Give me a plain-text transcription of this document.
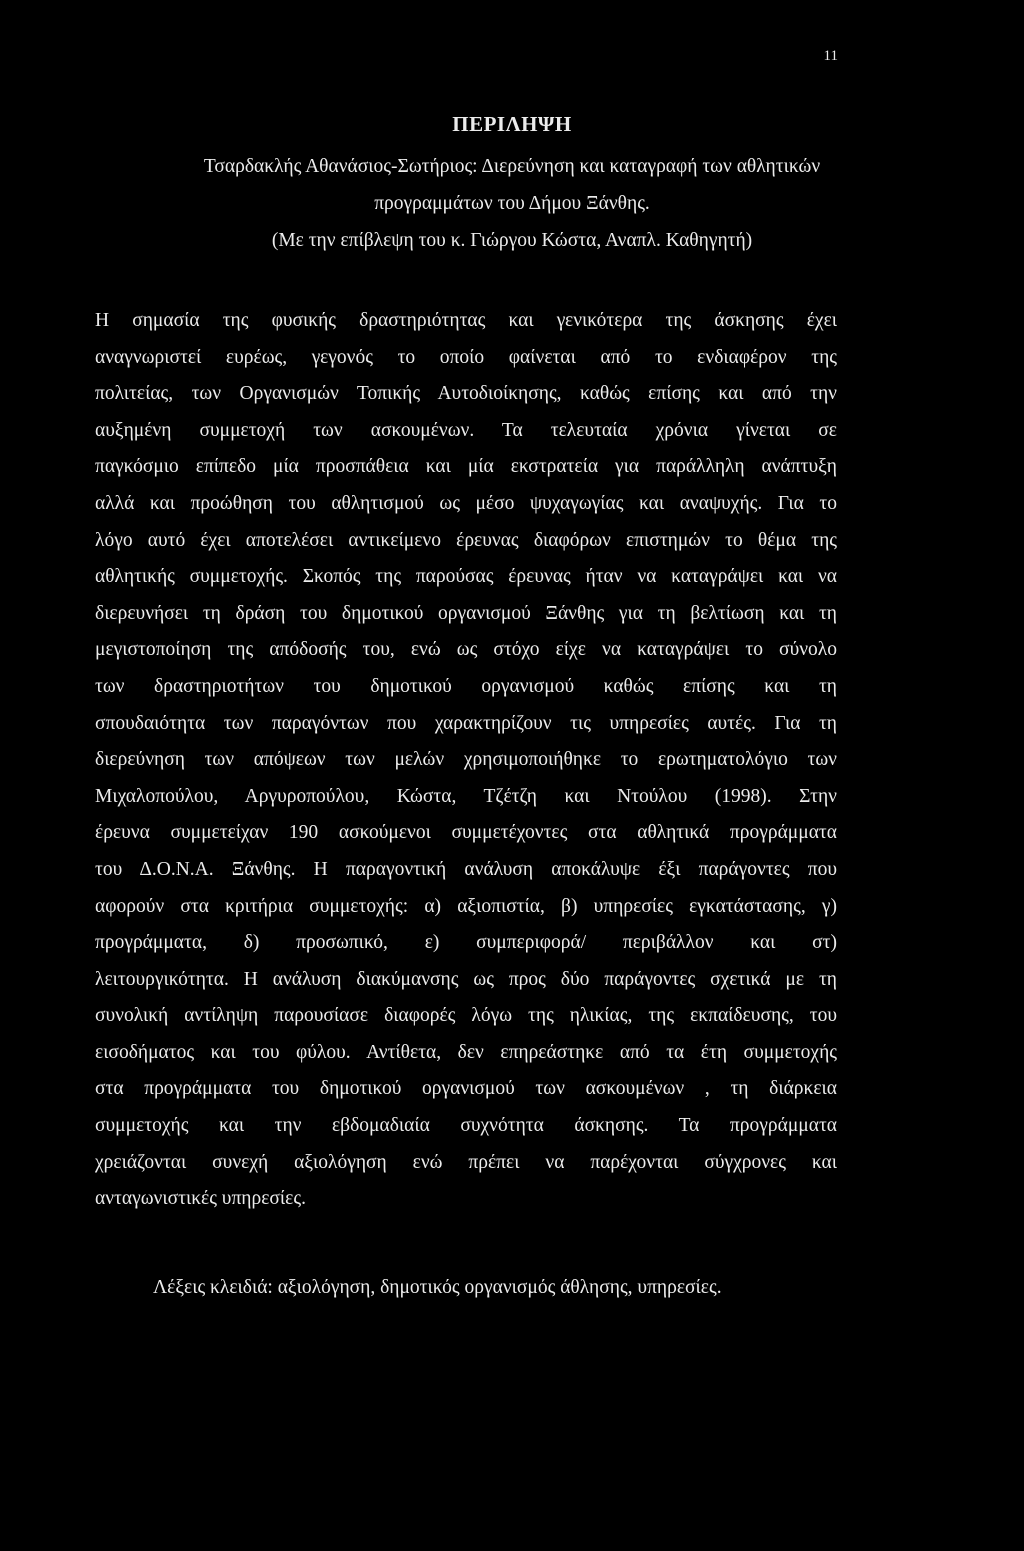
11
ΠΕΡΙΛΗΨΗ
Τσαρδακλής Αθανάσιος-Σωτήριος: Διερεύνηση και καταγραφή των αθλητικών
προγραμμάτων του Δήμου Ξάνθης.
(Με την επίβλεψη του κ. Γιώργου Κώστα, Αναπλ. Καθηγητή)
Η σημασία της φυσικής δραστηριότητας και γενικότερα της άσκησης έχει
αναγνωριστεί ευρέως, γεγονός το οποίο φαίνεται από το ενδιαφέρον της
πολιτείας, των Οργανισμών Τοπικής Αυτοδιοίκησης, καθώς επίσης και από την
αυξημένη συμμετοχή των ασκουμένων. Τα τελευταία χρόνια γίνεται σε
παγκόσμιο επίπεδο μία προσπάθεια και μία εκστρατεία για παράλληλη ανάπτυξη
αλλά και προώθηση του αθλητισμού ως μέσο ψυχαγωγίας και αναψυχής. Για το
λόγο αυτό έχει αποτελέσει αντικείμενο έρευνας διαφόρων επιστημών το θέμα της
αθλητικής συμμετοχής. Σκοπός της παρούσας έρευνας ήταν να καταγράψει και να
διερευνήσει τη δράση του δημοτικού οργανισμού Ξάνθης για τη βελτίωση και τη
μεγιστοποίηση της απόδοσής του, ενώ ως στόχο είχε να καταγράψει το σύνολο
των δραστηριοτήτων του δημοτικού οργανισμού καθώς επίσης και τη
σπουδαιότητα των παραγόντων που χαρακτηρίζουν τις υπηρεσίες αυτές. Για τη
διερεύνηση των απόψεων των μελών χρησιμοποιήθηκε το ερωτηματολόγιο των
Μιχαλοπούλου, Αργυροπούλου, Κώστα, Τζέτζη και Ντούλου (1998). Στην
έρευνα συμμετείχαν 190 ασκούμενοι συμμετέχοντες στα αθλητικά προγράμματα
του Δ.Ο.Ν.Α. Ξάνθης. Η παραγοντική ανάλυση αποκάλυψε έξι παράγοντες που
αφορούν στα κριτήρια συμμετοχής: α) αξιοπιστία, β) υπηρεσίες εγκατάστασης, γ)
προγράμματα, δ) προσωπικό, ε) συμπεριφορά/ περιβάλλον και στ)
λειτουργικότητα. Η ανάλυση διακύμανσης ως προς δύο παράγοντες σχετικά με τη
συνολική αντίληψη παρουσίασε διαφορές λόγω της ηλικίας, της εκπαίδευσης, του
εισοδήματος και του φύλου. Αντίθετα, δεν επηρεάστηκε από τα έτη συμμετοχής
στα προγράμματα του δημοτικού οργανισμού των ασκουμένων , τη διάρκεια
συμμετοχής και την εβδομαδιαία συχνότητα άσκησης. Τα προγράμματα
χρειάζονται συνεχή αξιολόγηση ενώ πρέπει να παρέχονται σύγχρονες και
ανταγωνιστικές υπηρεσίες.
Λέξεις κλειδιά: αξιολόγηση, δημοτικός οργανισμός άθλησης, υπηρεσίες.
